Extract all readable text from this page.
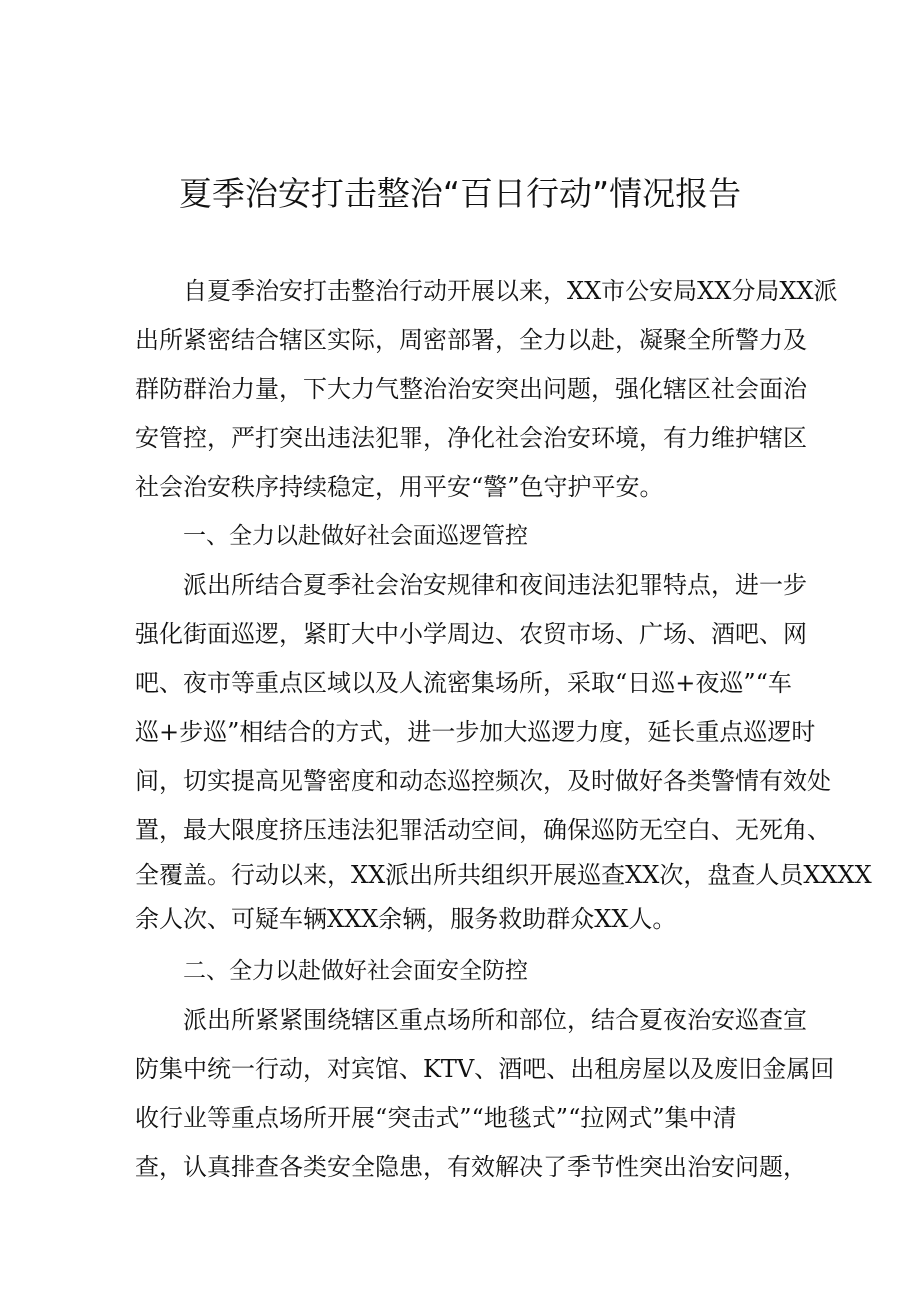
夏季治安打击整治“百日行动”情况报告
自夏季治安打击整治行动开展以来，XX市公安局XX分局XX派
出所紧密结合辖区实际，周密部署，全力以赴，凝聚全所警力及
群防群治力量，下大力气整治治安突出问题，强化辖区社会面治
安管控，严打突出违法犯罪，净化社会治安环境，有力维护辖区
社会治安秩序持续稳定，用平安“警”色守护平安。
一、全力以赴做好社会面巡逻管控
派出所结合夏季社会治安规律和夜间违法犯罪特点，进一步
强化街面巡逻，紧盯大中小学周边、农贸市场、广场、酒吧、网
吧、夜市等重点区域以及人流密集场所，采取“日巡+夜巡”“车
巡+步巡”相结合的方式，进一步加大巡逻力度，延长重点巡逻时
间，切实提高见警密度和动态巡控频次，及时做好各类警情有效处
置，最大限度挤压违法犯罪活动空间，确保巡防无空白、无死角、
全覆盖。行动以来，XX派出所共组织开展巡查XX次，盘查人员XXXX
余人次、可疑车辆XXX余辆，服务救助群众XX人。
二、全力以赴做好社会面安全防控
派出所紧紧围绕辖区重点场所和部位，结合夏夜治安巡查宣
防集中统一行动，对宾馆、KTV、酒吧、出租房屋以及废旧金属回
收行业等重点场所开展“突击式”“地毯式”“拉网式”集中清
查，认真排查各类安全隐患，有效解决了季节性突出治安问题，
